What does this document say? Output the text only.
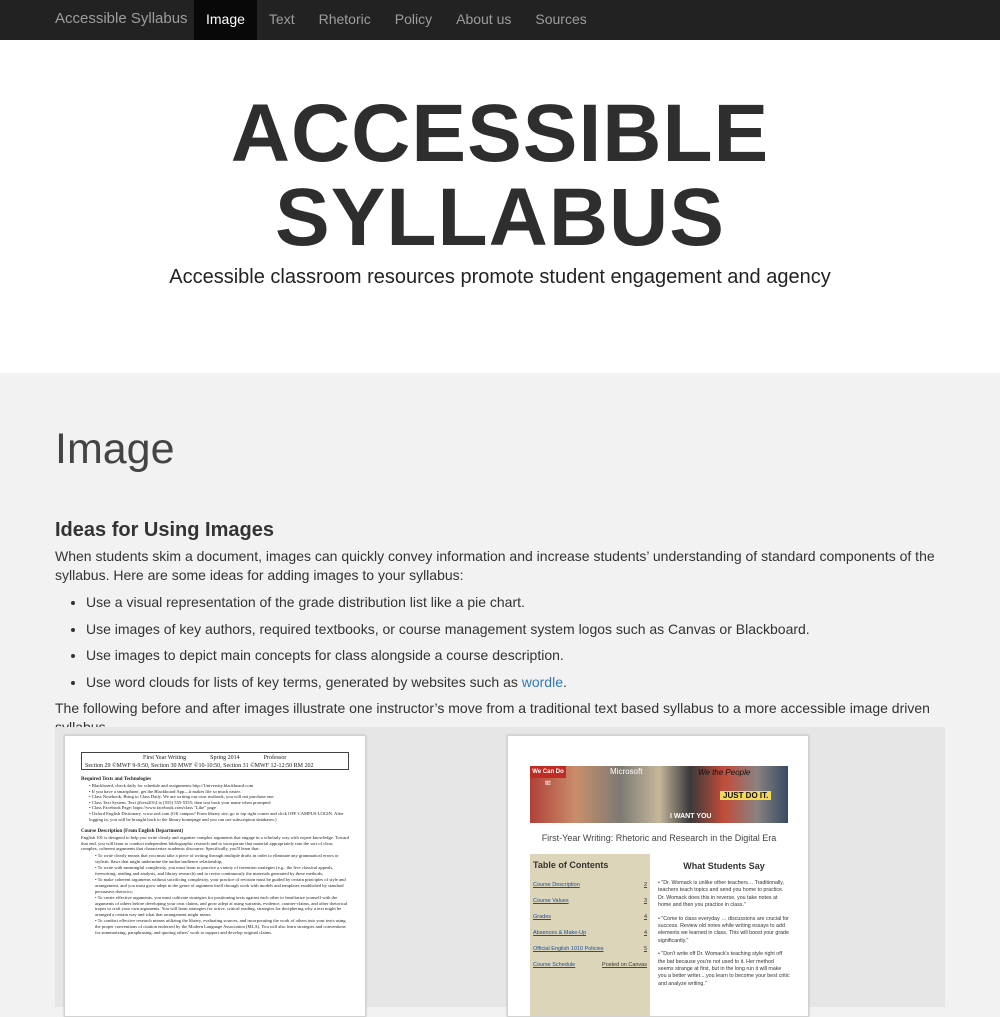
Accessible Syllabus	Image	Text	Rhetoric	Policy	About us	Sources
ACCESSIBLE
SYLLABUS
Accessible classroom resources promote student engagement and agency
Image
Ideas for Using Images

When students skim a document, images can quickly convey information and increase students’ understanding of standard components of the syllabus. Here are some ideas for adding images to your syllabus:

• Use a visual representation of the grade distribution list like a pie chart.
• Use images of key authors, required textbooks, or course management system logos such as Canvas or Blackboard.
• Use images to depict main concepts for class alongside a course description.
• Use word clouds for lists of key terms, generated by websites such as wordle.

The following before and after images illustrate one instructor’s move from a traditional text based syllabus to a more accessible image driven

First Year Writing	Spring 2014	Professor
Section 29 ©MWF 9-9:50, Section 30 MWF ©10-10:50, Section 31 ©MWF 12-12:50 RM 202
Required Texts and Technologies
• Blackboard, check daily for schedule and assignments http://University.blackboard.com
• If you have a smartphone, get the Blackboard App—it makes life so much easier.
• Class Notebook; Bring to Class Daily. We are writing our own textbook, you will not purchase one.
• Class Text System. Text @text2014 to (555) 555-5555; then text back your name when prompted
• Class Facebook Page: https://www.facebook.com/class "Like" page
• Oxford English Dictionary. www.oed.com (Off campus? From library site, go to top right corner and click OFF CAMPUS LOGIN. After logging in, you will be brought back to the library homepage and you can use subscription databases.)
Course Description (From English Department)
English 101 is designed to help you write clearly and organize complex arguments that engage in a scholarly way with expert knowledge. Toward that end, you will learn to conduct independent bibliographic research and to incorporate that material appropriately into the sort of clear, complex, coherent arguments that characterize academic discourse. Specifically, you'll learn that:
• To write clearly means that you must take a piece of writing through multiple drafts in order to eliminate any grammatical errors or stylistic flaws that might undermine the author/audience relationship;
• To write with meaningful complexity, you must learn to practice a variety of invention strategies (e.g., the five classical appeals, freewriting, reading and analysis, and library research) and to revise continuously the materials generated by these methods;
• To make coherent arguments without sacrificing complexity, your practice of revision must be guided by certain principles of style and arrangement, and you must grow adept in the genre of argument itself through work with models and templates established by standard persuasive rhetorics;
• To create effective arguments, you must cultivate strategies for positioning texts against each other to familiarize yourself with the arguments of others before developing your own claims, and grow adept at using warrants, evidence, counter-claims, and other rhetorical tropes to craft your own arguments. You will learn strategies for active, critical reading, strategies for deciphering why a text might be arranged a certain way and what that arrangement might mean;
• To conduct effective research means utilizing the library, evaluating sources, and incorporating the work of others into your texts using the proper conventions of citation endorsed by the Modern Language Association (MLA). You will also learn strategies and conventions for summarizing, paraphrasing, and quoting others' work to support and develop original claims.
We Can Do It!
Microsoft	We the People
JUST DO IT.
I WANT YOU
First-Year Writing: Rhetoric and Research in the Digital Era
Table of Contents
Course Description	2
Course Values	3
Grades	4
Absences & Make-Up	4
Official English 1010 Policies	5
Course Schedule	Posted on Canvas
What Students Say
• "Dr. Womack is unlike other teachers… Traditionally, teachers teach topics and send you home to practice. Dr. Womack does this in reverse, you take notes at home and then you practice in class."
• "Come to class everyday … discussions are crucial for success. Review old notes while writing essays to add elements we learned in class. This will boost your grade significantly."
• "Don't write off Dr. Womack's teaching style right off the bat because you're not used to it. Her method seems strange at first, but in the long run it will make you a better writer....you learn to become your best critic and analyze writing."
